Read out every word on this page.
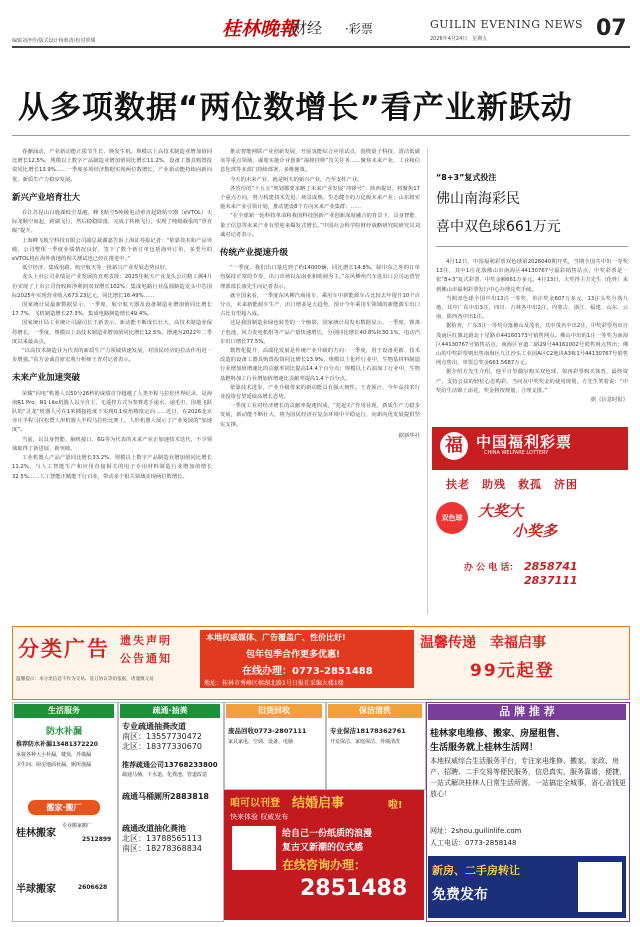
编辑刘净伶/版式设计杨莉清/校对覃骥
桂林晚報
财经 ·彩票	GUILIN EVENING NEWS 07
2026年4月24日　星期五
从多项数据“两位数增长”看产业新跃动

春潮涌动，产业新动能正拔节生长、焕发生机。规模以上高技术制造业增加值同比增长12.5%、规模以上数字产品制造业增加值同比增长11.2%、设备工器具购置投资同比增长13.9%……一季度多项经济数据实现两位数增长，产业新动能持续向新向优，新质生产力稳步发展。

新兴产业培育壮大

在江苏昆山白鹿湖低空基地，峰飞航空5吨级电动垂直起降航空器（eVTOL）天际龙顺空而起，跨湖飞行，然后稳稳降落，完成了转换飞行，实现了吨级载重的“垂直级”提升。

上海峰飞航空科技有限公司副总裁谢嘉告诉上海证券报记者：“依靠技术和产品突破，公司整体一季度业绩情况良好，签下了数个新订单包括海外订单，多型号的eVTOL将在海外落地的相关测试也已经在推进中。”

低空经济，集成电路、航空航天等一批新兴产业发展态势良好。

龙头上市公司业绩是产业发展的直观表现：2025年航天产业龙头公司精工测4月份实现了上市公司营收和净利润双双增长102%；集成电路行业晶圆制造龙头中芯国际2025年实现营业收入673.23亿元，同比增长16.49%……

国家统计局最新数据显示，一季度，航空航天器及设备制造业增加值同比增长17.7%，飞机制造增长27.3%，集成电路制造增长49.4%。

国家统计局工业统计司副司长王新表示，新动能不断成长壮大，高技术制造业保持增长。一季度，规模以上高技术制造业增加值同比增长12.5%，增速为2022年二季度以来最高点。

“以高技术制造业为代表的新质生产力领域快速发展，对国民经济的拉动作用进一步增强。”东方金诚首席宏观分析师王青对记者表示。

未来产业加速突破

荣耀“闪电”机器人以50分26秒的成绩首夺超越了人类半程马拉松世界纪录，是海南R1 Pro、R1 Lite机器人以全自主，无遥控方式为参赛选手递水、递毛巾，国地飞跃队的“灵龙”机器人可在1米插接抢度下实现0.1度角精度定向……近日，在2026北京亦庄半程马拉松暨人形机器人半程马拉松比赛上，人形机器人展示了产业发展的“加速度”。

当前，以具身智能、脑机接口、6G等为代表的未来产业正加速技术迭代，不少领域取得了新进展、新突破。

工业机器人产品产量同比增长33.2%，规模以上数字产品制造业增加值同比增长11.2%，与人工智能生产和应用直接相关的电子专用材料制造行业增加值增长32.5%……人工智能正赋能千行百业，带动多个相关领域实现两位数增长。

推动智能网联产业创新发展，开展氢能综合应用试点，围绕量子科技、清洁低碳氢等重点领域，谋划实施企业创新“揭榜挂帅”攻关任务……聚焦未来产业，工业和信息化部等多部门持续部署，多维施策。

今天的未来产业，就是明天的新兴产业，乃至支柱产业。

各省份的“十五五”规划都要求略了未来产业发展“冲锋号”：陕西提出，将聚焦17个重点方向，努力构建技术先进、场景成熟、生态健全的万亿级未来产业；山东将实施未来产业引领计划，推动建设8个方向未来产业集群；……

“在全球新一轮科技革命和我国科技创新产业创新深度融合的背景下，具身智能、量子信息等未来产业有望迎来爆发式增长。”中国社会科学院财经战略研究院研究员刘诚对记者表示。

传统产业提速升级

“一季度，我们出口量达到了约14000辆，同比增长14.8%，除中东之外的订单均保持正常的节奏，出口市场以东南亚和欧洲为主。”东风柳州汽车进出口公司运营管理部部长康先生向记者表示。

就全国来看，一季度东风柳汽商用车、乘用车中新能源车占比较去年提升10个百分点，未来新能源车生产、出口增多是大趋势，预计今年乘用车领域的新能源车出口占比有望超八成。

这是我国制造业绿色转型的一个缩影。国家统计局发布数据显示，一季度，锂离子电池、风力发电机组等产品产量快速增长，分别同比增长40.8%和30.1%，电动汽车出口增长77.5%。

数智化提升、高端化发展是传统产业升级的方向：一季度，用于设备更新、技术改造的设备工器具购置投资同比增长13.9%；规模以上化纤行业中，生物基材料制造行业增加值增速比的贡献率同比提高14.4个百分点；规模以上石油加工行业中，生物基燃料加工行业增加值增速比贡献率提高1.4个百分点。

依靠技术进步，产业升级带来的新动能具有强大韧性。王青预计，今年高技术行业投资有望延续高增长态势。

一季度工业对经济增长的贡献率提速四成，“托起石”作用显现，新质生产力稳步发展，新动能不断壮大，将为国民经济在复杂环境中平稳运行，向新向优发展提供坚实支撑。

据新华社
“8+3”复式投注
佛山南海彩民
喜中双色球661万元

4月12日，中国福利彩票双色球第2026040期开奖，当期全国共中出一等奖13注，其中1注花落佛山市南海区44130767号福彩销售站点，中奖彩票是一张“8+3”复式彩票，中奖金额661万多元。4月13日，大奖得主方先生（化姓）来到佛山市福利彩票发行中心办理兑奖手续。

当期双色球全国中出13注一等奖，单注奖金607万多元，13注头奖分落九地，其中广东中出3注，四川、吉林各中出2注，内蒙古、浙江、福建、山东、云南、陕西各中出1注。

据检查，广东3注一等奖分落佛山及茂名，其中茂名中出2注，中奖彩票均出自茂南区红旗北路北十星路市44160173号销售网点。佛山中出的1注一等奖为南海区44130767号销售站点，南海区官道二路29号44161002号销售网点售出；佛山的中奖彩票则出售南海区九江沙头工业园A区C2地块A3栋1号44130767号销售网点售出，单票总奖金661.5687万元。

据介绍方先生介绍，他平日里偶尔购买双色球，如再彩票购买体育，最终资产，支持公益的轻松心态购彩。当问及中奖奖金的使用规划，方先生笑着说：“中奖给生活锦上添花，奖金将按规划，合理支排。”

据《信息时报》
福 中国福利彩票
CHINA WELFARE LOTTERY
扶老　助残　救孤　济困
双色球	大奖大
小奖多
办 公 电 话： 2858741　2837111
分类广告 遗失声明
公告通知
本地权威媒体、广告覆盖广、性价比好!
包年包季合作更多优惠!
在线办理：0773-2851488
地址：桂林市秀峰区榕湖北路1号日报社采编大楼1楼
温馨传递　幸福启事
99元起登
温馨提示：本分类信息不作为交易、签订协议等的依据，请谨慎交易
生活服务
防水补漏
推荐防水补漏13481372220
承接各种大小补漏，楼顶，外墙漏
卫生间、厨房地面补漏，厕所地漏
搬家·搬厂
桂林搬家
专业搬家搬厂
2512899
半球搬家	2606628
疏通·抽粪
专业疏通抽粪改道
南区：13557730472
北区：18377330670
推荐疏通公司13768233800
疏通马桶、下水道、化粪池、管道改造
疏通马桶厕所2883818
疏通改道抽化粪池
北区：13788565113
南区：18278368834
旧货回收
废品回收0773-2807111
家具家电、空调、设备、电脑
保洁清洗
专业保洁18178362761
开荒保洁、家庭保洁、外墙清洗
咱可以刊登 结婚启事	啦!
快来体验 权威发布
给自己一份纸质的浪漫
复古又新潮的仪式感
在线咨询办理：
2851488
品 牌 推 荐
桂林家电维修、搬家、房屋租售、
生活服务就上桂林生活网！
本地权威综合生活服务平台，专注家电维修、搬家、家政、房产、招聘、二手交易等便民服务，信息真实，服务靠谱，便捷，一站式解决桂林人日常生活所需。一站搞定全城事，省心省钱更放心！
网址：2shou.guilinlife.com
人工电话：0773-2858148
新房、二手房转让
免费发布
